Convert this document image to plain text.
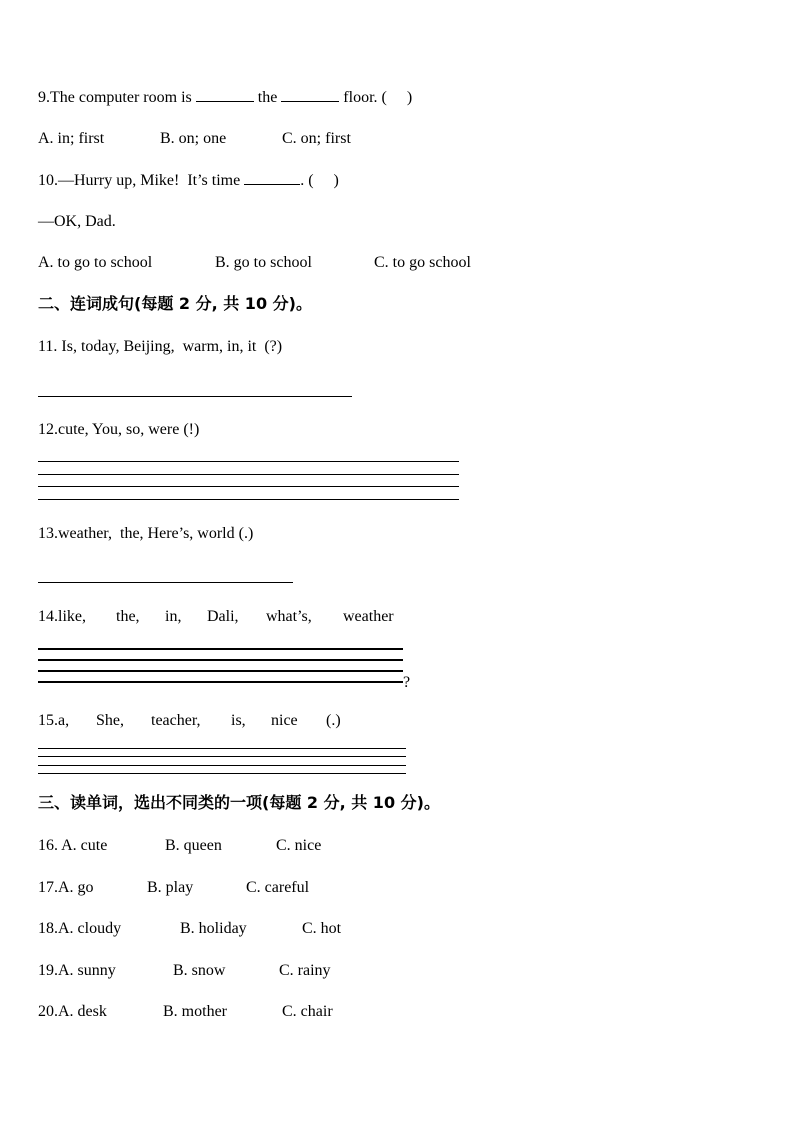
9.The computer room is	the	floor. (     )
A. in; first	B. on; one	C. on; first
10.—Hurry up, Mike!  It’s time	. (     )
—OK, Dad.
A. to go to school	B. go to school	C. to go school
二、连词成句(每题 2 分, 共 10 分)。
11. Is, today, Beijing,  warm, in, it  (?)
12.cute, You, so, were (!)
13.weather,  the, Here’s, world (.)
14.like, the, in, Dali, what’s, weather
?
15.a, She, teacher, is, nice (.)
三、读单词，选出不同类的一项(每题 2 分, 共 10 分)。
16. A. cute	B. queen	C. nice
17.A. go	B. play	C. careful
18.A. cloudy	B. holiday	C. hot
19.A. sunny	B. snow	C. rainy
20.A. desk	B. mother	C. chair
